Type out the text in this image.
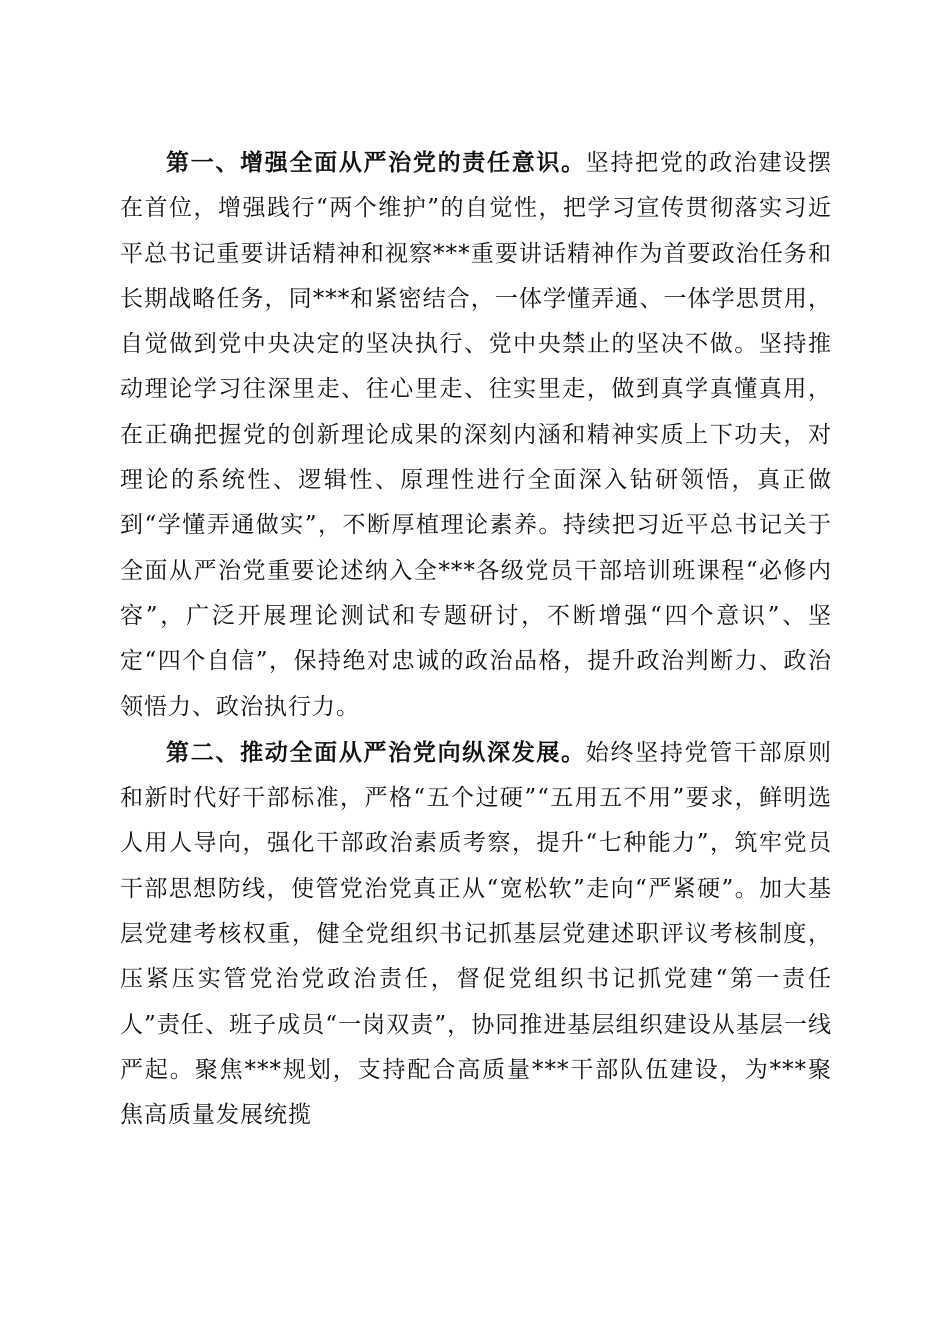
第一、增强全面从严治党的责任意识。坚持把党的政治建设摆在首位，增强践行“两个维护”的自觉性，把学习宣传贯彻落实习近平总书记重要讲话精神和视察***重要讲话精神作为首要政治任务和长期战略任务，同***和紧密结合，一体学懂弄通、一体学思贯用，自觉做到党中央决定的坚决执行、党中央禁止的坚决不做。坚持推动理论学习往深里走、往心里走、往实里走，做到真学真懂真用，在正确把握党的创新理论成果的深刻内涵和精神实质上下功夫，对理论的系统性、逻辑性、原理性进行全面深入钻研领悟，真正做到“学懂弄通做实”，不断厚植理论素养。持续把习近平总书记关于全面从严治党重要论述纳入全***各级党员干部培训班课程“必修内容”，广泛开展理论测试和专题研讨，不断增强“四个意识”、坚定“四个自信”，保持绝对忠诚的政治品格，提升政治判断力、政治领悟力、政治执行力。

第二、推动全面从严治党向纵深发展。始终坚持党管干部原则和新时代好干部标准，严格“五个过硬”“五用五不用”要求，鲜明选人用人导向，强化干部政治素质考察，提升“七种能力”，筑牢党员干部思想防线，使管党治党真正从“宽松软”走向“严紧硬”。加大基层党建考核权重，健全党组织书记抓基层党建述职评议考核制度，压紧压实管党治党政治责任，督促党组织书记抓党建“第一责任人”责任、班子成员“一岗双责”，协同推进基层组织建设从基层一线严起。聚焦***规划，支持配合高质量***干部队伍建设，为***聚焦高质量发展统揽
